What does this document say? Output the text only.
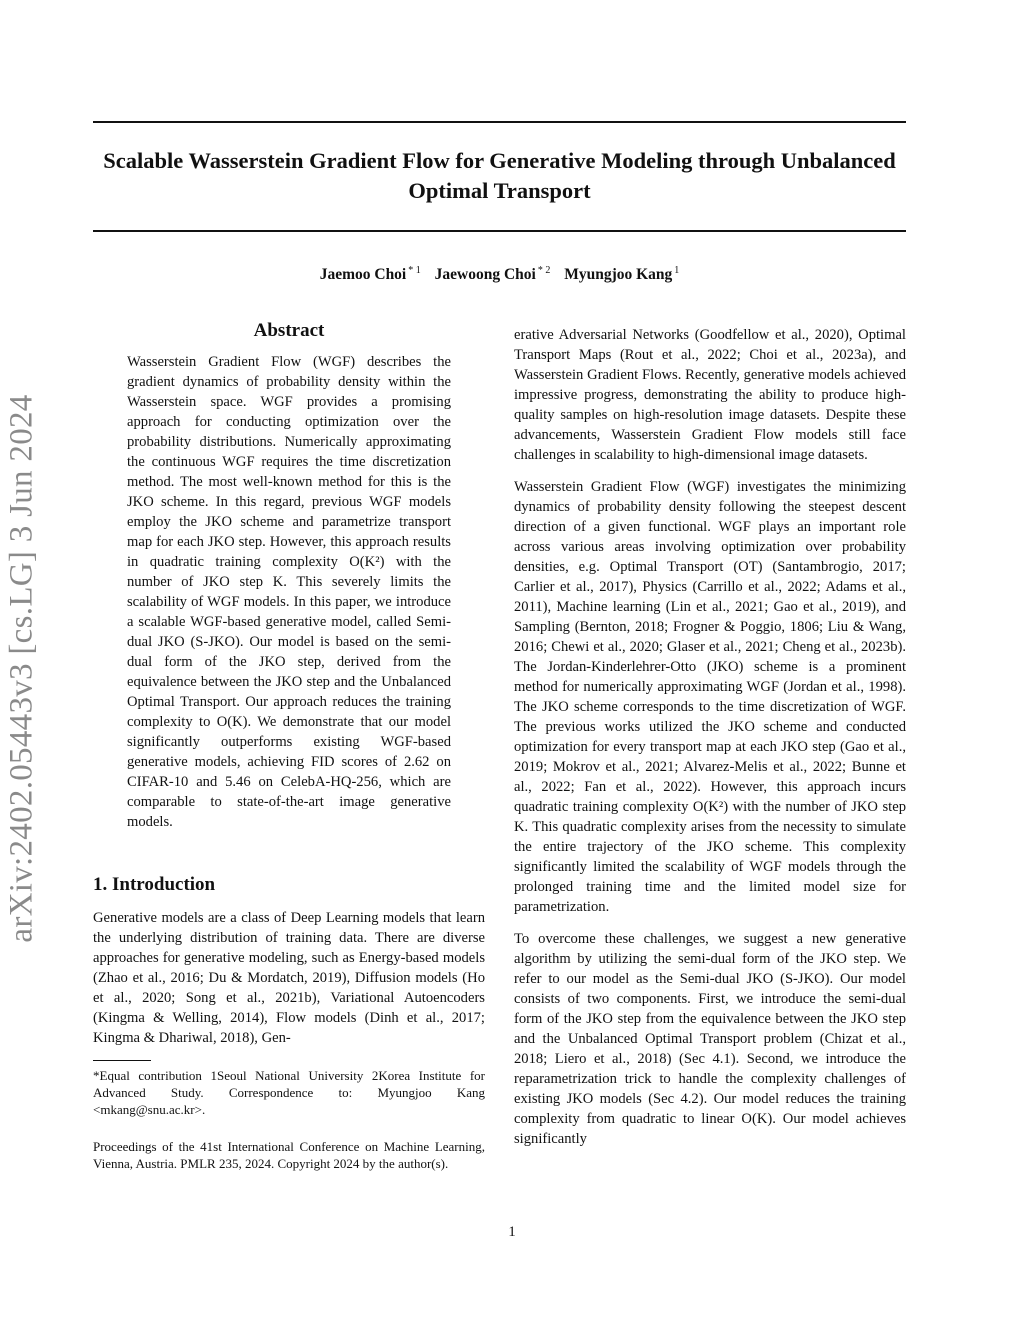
arXiv:2402.05443v3 [cs.LG] 3 Jun 2024
Scalable Wasserstein Gradient Flow for Generative Modeling through Unbalanced Optimal Transport
Jaemoo Choi $^{* 1}$ Jaewoong Choi $^{* 2}$ Myungjoo Kang $^1$
Abstract
Wasserstein Gradient Flow (WGF) describes the gradient dynamics of probability density within the Wasserstein space. WGF provides a promising approach for conducting optimization over the probability distributions. Numerically approximating the continuous WGF requires the time discretization method. The most well-known method for this is the JKO scheme. In this regard, previous WGF models employ the JKO scheme and parametrize transport map for each JKO step. However, this approach results in quadratic training complexity O(K²) with the number of JKO step K. This severely limits the scalability of WGF models. In this paper, we introduce a scalable WGF-based generative model, called Semi-dual JKO (S-JKO). Our model is based on the semi-dual form of the JKO step, derived from the equivalence between the JKO step and the Unbalanced Optimal Transport. Our approach reduces the training complexity to O(K). We demonstrate that our model significantly outperforms existing WGF-based generative models, achieving FID scores of 2.62 on CIFAR-10 and 5.46 on CelebA-HQ-256, which are comparable to state-of-the-art image generative models.
1. Introduction

Generative models are a class of Deep Learning models that learn the underlying distribution of training data. There are diverse approaches for generative modeling, such as Energy-based models (Zhao et al., 2016; Du & Mordatch, 2019), Diffusion models (Ho et al., 2020; Song et al., 2021b), Variational Autoencoders (Kingma & Welling, 2014), Flow models (Dinh et al., 2017; Kingma & Dhariwal, 2018), Gen-

*Equal contribution 1Seoul National University 2Korea Institute for Advanced Study. Correspondence to: Myungjoo Kang <mkang@snu.ac.kr>.

Proceedings of the 41st International Conference on Machine Learning, Vienna, Austria. PMLR 235, 2024. Copyright 2024 by the author(s).

erative Adversarial Networks (Goodfellow et al., 2020), Optimal Transport Maps (Rout et al., 2022; Choi et al., 2023a), and Wasserstein Gradient Flows. Recently, generative models achieved impressive progress, demonstrating the ability to produce high-quality samples on high-resolution image datasets. Despite these advancements, Wasserstein Gradient Flow models still face challenges in scalability to high-dimensional image datasets.

Wasserstein Gradient Flow (WGF) investigates the minimizing dynamics of probability density following the steepest descent direction of a given functional. WGF plays an important role across various areas involving optimization over probability densities, e.g. Optimal Transport (OT) (Santambrogio, 2017; Carlier et al., 2017), Physics (Carrillo et al., 2022; Adams et al., 2011), Machine learning (Lin et al., 2021; Gao et al., 2019), and Sampling (Bernton, 2018; Frogner & Poggio, 1806; Liu & Wang, 2016; Chewi et al., 2020; Glaser et al., 2021; Cheng et al., 2023b). The Jordan-Kinderlehrer-Otto (JKO) scheme is a prominent method for numerically approximating WGF (Jordan et al., 1998). The JKO scheme corresponds to the time discretization of WGF. The previous works utilized the JKO scheme and conducted optimization for every transport map at each JKO step (Gao et al., 2019; Mokrov et al., 2021; Alvarez-Melis et al., 2022; Bunne et al., 2022; Fan et al., 2022). However, this approach incurs quadratic training complexity O(K²) with the number of JKO step K. This quadratic complexity arises from the necessity to simulate the entire trajectory of the JKO scheme. This complexity significantly limited the scalability of WGF models through the prolonged training time and the limited model size for parametrization.

To overcome these challenges, we suggest a new generative algorithm by utilizing the semi-dual form of the JKO step. We refer to our model as the Semi-dual JKO (S-JKO). Our model consists of two components. First, we introduce the semi-dual form of the JKO step from the equivalence between the JKO step and the Unbalanced Optimal Transport problem (Chizat et al., 2018; Liero et al., 2018) (Sec 4.1). Second, we introduce the reparametrization trick to handle the complexity challenges of existing JKO models (Sec 4.2). Our model reduces the training complexity from quadratic to linear O(K). Our model achieves significantly

1
